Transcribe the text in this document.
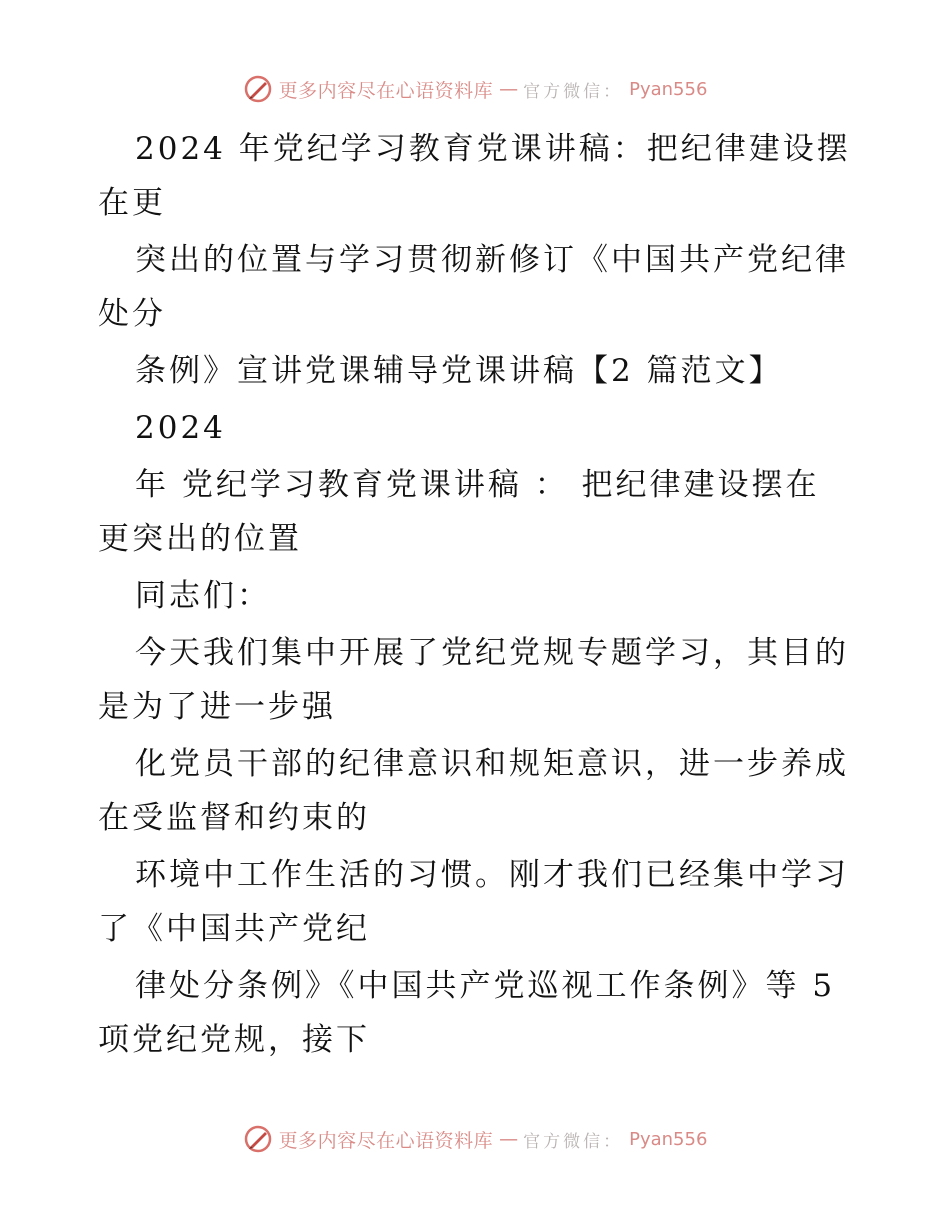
更多内容尽在心语资料库 — 官方微信： Pyan556
2024 年党纪学习教育党课讲稿：把纪律建设摆
在更
突出的位置与学习贯彻新修订《中国共产党纪律
处分
条例》宣讲党课辅导党课讲稿【2 篇范文】
2024
年 党纪学习教育党课讲稿 ： 把纪律建设摆在
更突出的位置
同志们：
今天我们集中开展了党纪党规专题学习，其目的
是为了进一步强
化党员干部的纪律意识和规矩意识，进一步养成
在受监督和约束的
环境中工作生活的习惯。刚才我们已经集中学习
了《中国共产党纪
律处分条例》《中国共产党巡视工作条例》等 5
项党纪党规，接下
更多内容尽在心语资料库 — 官方微信： Pyan556
